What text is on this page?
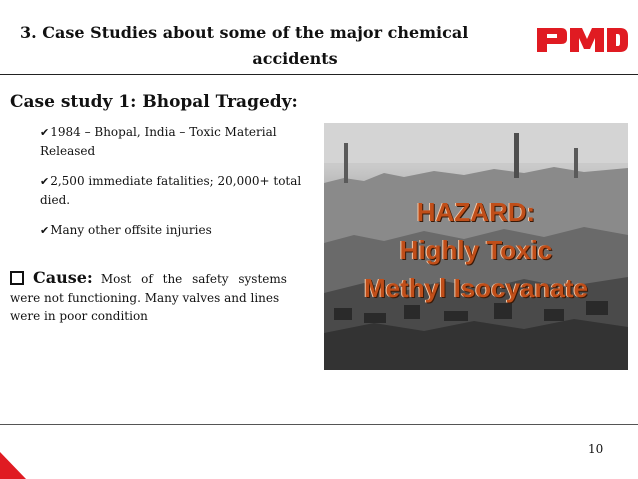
3. Case Studies about some of the major chemical
accidents
Case study 1: Bhopal Tragedy:
✔1984 – Bhopal, India – Toxic Material Released
✔2,500 immediate fatalities; 20,000+ total died.
✔Many other offsite injuries
Cause: Most of the safety systems
were not functioning. Many valves and lines were in poor condition
HAZARD:
Highly Toxic
Methyl Isocyanate
10
